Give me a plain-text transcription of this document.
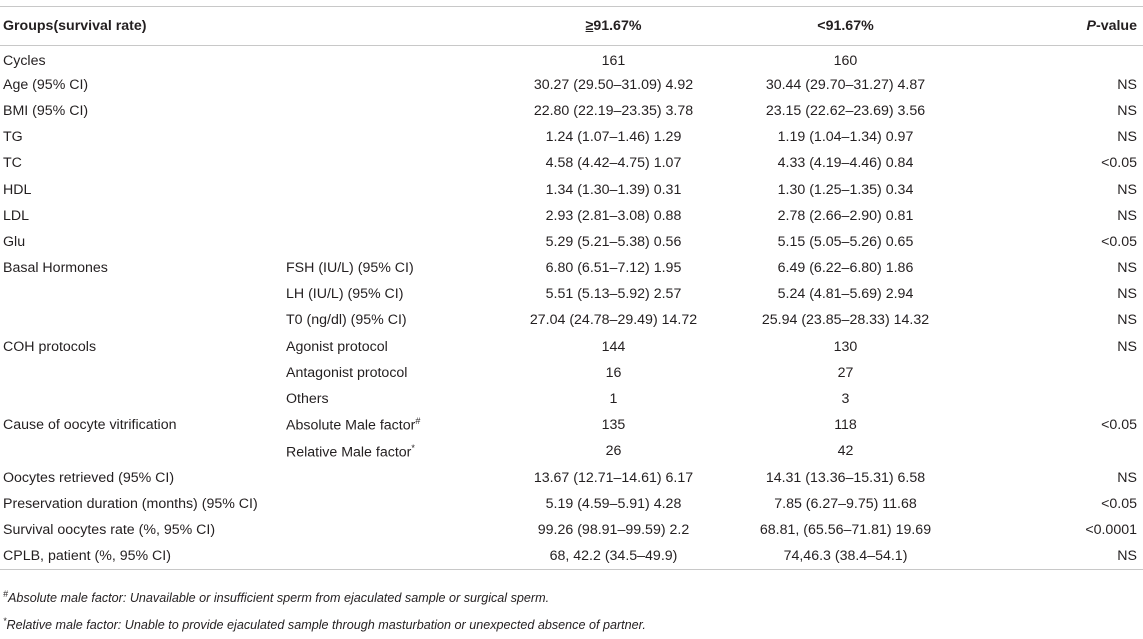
Groups(survival rate)		≥91.67%	<91.67%	P-value
Cycles		161	160	
Age (95% CI)		30.27 (29.50–31.09) 4.92	30.44 (29.70–31.27) 4.87	NS
BMI (95% CI)		22.80 (22.19–23.35) 3.78	23.15 (22.62–23.69) 3.56	NS
TG		1.24 (1.07–1.46) 1.29	1.19 (1.04–1.34) 0.97	NS
TC		4.58 (4.42–4.75) 1.07	4.33 (4.19–4.46) 0.84	<0.05
HDL		1.34 (1.30–1.39) 0.31	1.30 (1.25–1.35) 0.34	NS
LDL		2.93 (2.81–3.08) 0.88	2.78 (2.66–2.90) 0.81	NS
Glu		5.29 (5.21–5.38) 0.56	5.15 (5.05–5.26) 0.65	<0.05
Basal Hormones	FSH (IU/L) (95% CI)	6.80 (6.51–7.12) 1.95	6.49 (6.22–6.80) 1.86	NS
	LH (IU/L) (95% CI)	5.51 (5.13–5.92) 2.57	5.24 (4.81–5.69) 2.94	NS
	T0 (ng/dl) (95% CI)	27.04 (24.78–29.49) 14.72	25.94 (23.85–28.33) 14.32	NS
COH protocols	Agonist protocol	144	130	NS
	Antagonist protocol	16	27	
	Others	1	3	
Cause of oocyte vitrification	Absolute Male factor#	135	118	<0.05
	Relative Male factor*	26	42	
Oocytes retrieved (95% CI)		13.67 (12.71–14.61) 6.17	14.31 (13.36–15.31) 6.58	NS
Preservation duration (months) (95% CI)		5.19 (4.59–5.91) 4.28	7.85 (6.27–9.75) 11.68	<0.05
Survival oocytes rate (%, 95% CI)		99.26 (98.91–99.59) 2.2	68.81, (65.56–71.81) 19.69	<0.0001
CPLB, patient (%, 95% CI)		68, 42.2 (34.5–49.9)	74,46.3 (38.4–54.1)	NS
#Absolute male factor: Unavailable or insufficient sperm from ejaculated sample or surgical sperm.
*Relative male factor: Unable to provide ejaculated sample through masturbation or unexpected absence of partner.
